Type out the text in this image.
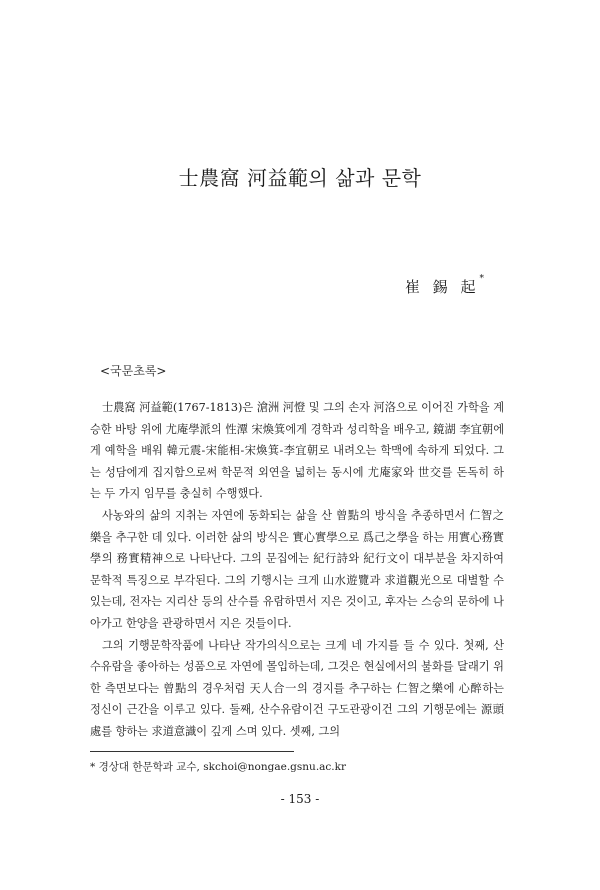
士農窩 河益範의 삶과 문학
崔 錫 起*
<국문초록>

士農窩 河益範(1767-1813)은 滄洲 河憕 및 그의 손자 河洛으로 이어진 가학을 계승한 바탕 위에 尤庵學派의 性潭 宋煥箕에게 경학과 성리학을 배우고, 鏡湖 李宜朝에게 예학을 배워 韓元震-宋能相-宋煥箕-李宜朝로 내려오는 학맥에 속하게 되었다. 그는 성담에게 집지함으로써 학문적 외연을 넓히는 동시에 尤庵家와 世交를 돈독히 하는 두 가지 임무를 충실히 수행했다.

사농와의 삶의 지취는 자연에 동화되는 삶을 산 曾點의 방식을 추종하면서 仁智之樂을 추구한 데 있다. 이러한 삶의 방식은 實心實學으로 爲己之學을 하는 用實心務實學의 務實精神으로 나타난다. 그의 문집에는 紀行詩와 紀行文이 대부분을 차지하여 문학적 특징으로 부각된다. 그의 기행시는 크게 山水遊覽과 求道觀光으로 대별할 수 있는데, 전자는 지리산 등의 산수를 유람하면서 지은 것이고, 후자는 스승의 문하에 나아가고 한양을 관광하면서 지은 것들이다.

그의 기행문학작품에 나타난 작가의식으로는 크게 네 가지를 들 수 있다. 첫째, 산수유람을 좋아하는 성품으로 자연에 몰입하는데, 그것은 현실에서의 불화를 달래기 위한 측면보다는 曾點의 경우처럼 天人合一의 경지를 추구하는 仁智之樂에 心醉하는 정신이 근간을 이루고 있다. 둘째, 산수유람이건 구도관광이건 그의 기행문에는 源頭處를 향하는 求道意識이 깊게 스며 있다. 셋째, 그의

* 경상대 한문학과 교수, skchoi@nongae.gsnu.ac.kr
- 153 -
